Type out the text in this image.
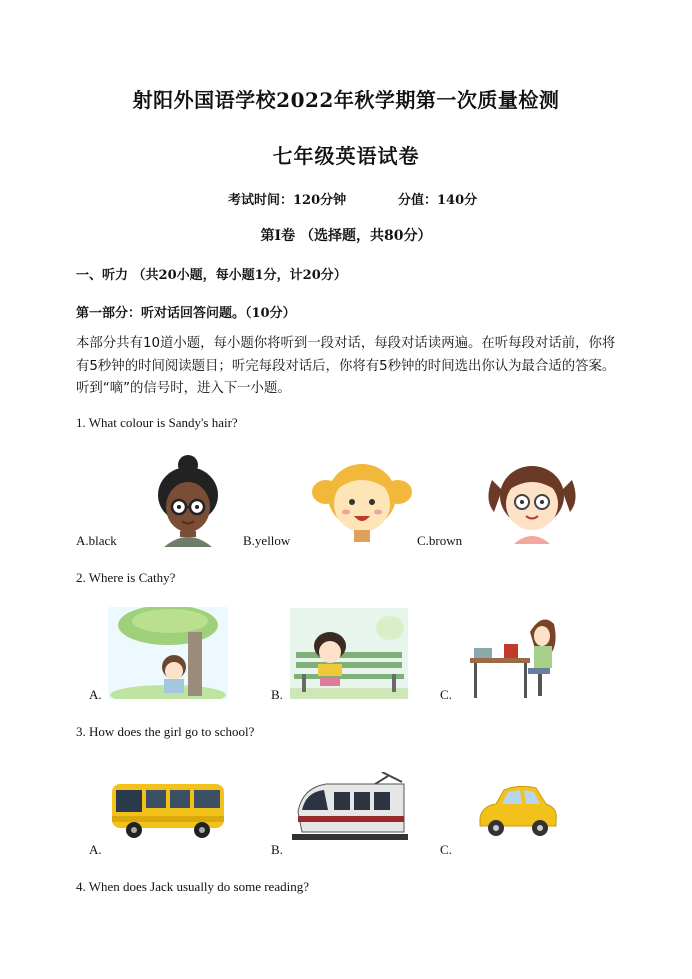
射阳外国语学校2022年秋学期第一次质量检测
七年级英语试卷
考试时间：120分钟	分值：140分
第Ⅰ卷 （选择题，共80分）
一、听力 （共20小题，每小题1分，计20分）
第一部分：听对话回答问题。（10分）
本部分共有10道小题，每小题你将听到一段对话，每段对话读两遍。在听每段对话前，你将有5秒钟的时间阅读题目；听完每段对话后，你将有5秒钟的时间选出你认为最合适的答案。听到“嘀”的信号时，进入下一小题。
1. What colour is Sandy's hair?
A.black	B.yellow	C.brown
2. Where is Cathy?
A.	B.	C.
3. How does the girl go to school?
A.	B.	C.
4. When does Jack usually do some reading?
